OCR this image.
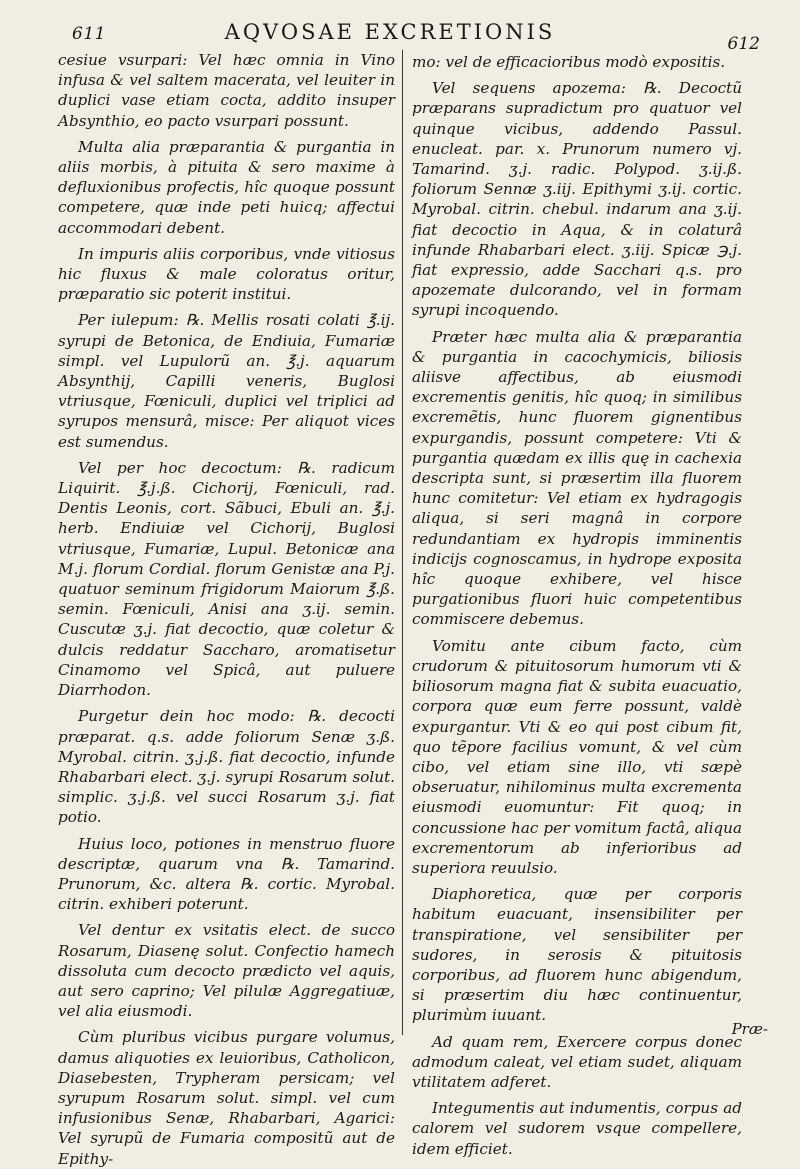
611	AQVOSAE EXCRETIONIS	612

cesiue vsurpari: Vel hæc omnia in Vino infusa & vel saltem macerata, vel leuiter in duplici vase etiam cocta, addito insuper Absynthio, eo pacto vsurpari possunt.

Multa alia præparantia & purgantia in aliis morbis, à pituita & sero maxime à defluxionibus profectis, hîc quoque possunt competere, quæ inde peti huicq; affectui accommodari debent.

In impuris aliis corporibus, vnde vitiosus hic fluxus & male coloratus oritur, præparatio sic poterit institui.

Per iulepum: ℞. Mellis rosati colati ℥.ij. syrupi de Betonica, de Endiuia, Fumariæ simpl. vel Lupulorũ an. ℥.j. aquarum Absynthij, Capilli veneris, Buglosi vtriusque, Fœniculi, duplici vel triplici ad syrupos mensurâ, misce: Per aliquot vices est sumendus.

Vel per hoc decoctum: ℞. radicum Liquirit. ℥.j.ß. Cichorij, Fœniculi, rad. Dentis Leonis, cort. Sãbuci, Ebuli an. ℥.j. herb. Endiuiæ vel Cichorij, Buglosi vtriusque, Fumariæ, Lupul. Betonicæ ana M.j. florum Cordial. florum Genistæ ana P.j. quatuor seminum frigidorum Maiorum ℥.ß. semin. Fœniculi, Anisi ana ʒ.ij. semin. Cuscutæ ʒ.j. fiat decoctio, quæ coletur & dulcis reddatur Saccharo, aromatisetur Cinamomo vel Spicâ, aut puluere Diarrhodon.

Purgetur dein hoc modo: ℞. decocti præparat. q.s. adde foliorum Senæ ʒ.ß. Myrobal. citrin. ʒ.j.ß. fiat decoctio, infunde Rhabarbari elect. ʒ.j. syrupi Rosarum solut. simplic. ʒ.j.ß. vel succi Rosarum ʒ.j. fiat potio.

Huius loco, potiones in menstruo fluore descriptæ, quarum vna ℞. Tamarind. Prunorum, &c. altera ℞. cortic. Myrobal. citrin. exhiberi poterunt.

Vel dentur ex vsitatis elect. de succo Rosarum, Diasenę solut. Confectio hamech dissoluta cum decocto prædicto vel aquis, aut sero caprino; Vel pilulæ Aggregatiuæ, vel alia eiusmodi.

Cùm pluribus vicibus purgare volumus, damus aliquoties ex leuioribus, Catholicon, Diasebesten, Trypheram persicam; vel syrupum Rosarum solut. simpl. vel cum infusionibus Senæ, Rhabarbari, Agarici: Vel syrupũ de Fumaria compositũ aut de Epithy-

mo: vel de efficacioribus modò expositis.

Vel sequens apozema: ℞. Decoctũ præparans supradictum pro quatuor vel quinque vicibus, addendo Passul. enucleat. par. x. Prunorum numero vj. Tamarind. ʒ.j. radic. Polypod. ʒ.ij.ß. foliorum Sennæ ʒ.iij. Epithymi ʒ.ij. cortic. Myrobal. citrin. chebul. indarum ana ʒ.ij. fiat decoctio in Aqua, & in colaturâ infunde Rhabarbari elect. ʒ.iij. Spicæ ℈.j. fiat expressio, adde Sacchari q.s. pro apozemate dulcorando, vel in formam syrupi incoquendo.

Præter hæc multa alia & præparantia & purgantia in cacochymicis, biliosis aliisve affectibus, ab eiusmodi excrementis genitis, hîc quoq; in similibus excremẽtis, hunc fluorem gignentibus expurgandis, possunt competere: Vti & purgantia quædam ex illis quę in cachexia descripta sunt, si præsertim illa fluorem hunc comitetur: Vel etiam ex hydragogis aliqua, si seri magnâ in corpore redundantiam ex hydropis imminentis indicijs cognoscamus, in hydrope exposita hîc quoque exhibere, vel hisce purgationibus fluori huic competentibus commiscere debemus.

Vomitu ante cibum facto, cùm crudorum & pituitosorum humorum vti & biliosorum magna fiat & subita euacuatio, corpora quæ eum ferre possunt, valdè expurgantur. Vti & eo qui post cibum fit, quo tẽpore facilius vomunt, & vel cùm cibo, vel etiam sine illo, vti sæpè obseruatur, nihilominus multa excrementa eiusmodi euomuntur: Fit quoq; in concussione hac per vomitum factâ, aliqua excrementorum ab inferioribus ad superiora reuulsio.

Diaphoretica, quæ per corporis habitum euacuant, insensibiliter per transpiratione, vel sensibiliter per sudores, in serosis & pituitosis corporibus, ad fluorem hunc abigendum, si præsertim diu hæc continuentur, plurimùm iuuant.

Ad quam rem, Exercere corpus donec admodum caleat, vel etiam sudet, aliquam vtilitatem adferet.

Integumentis aut indumentis, corpus ad calorem vel sudorem vsque compellere, idem efficiet.

Præ-
